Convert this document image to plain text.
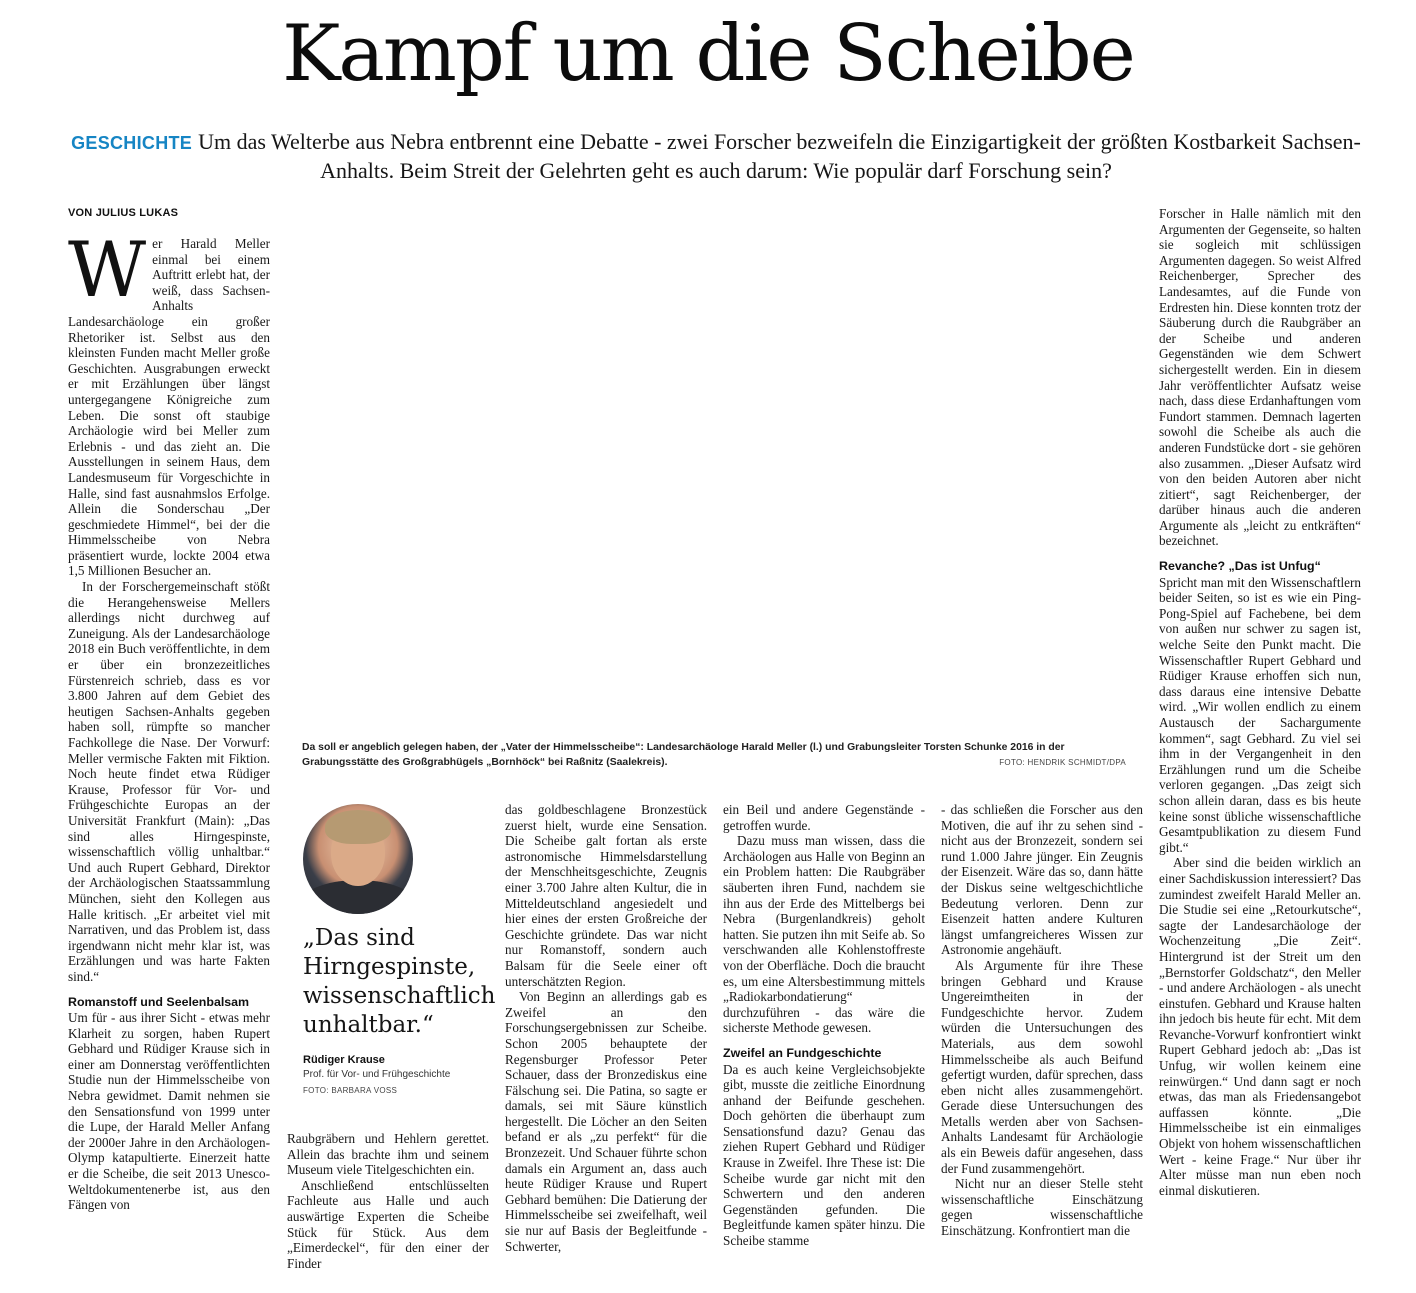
Kampf um die Scheibe
GESCHICHTE Um das Welterbe aus Nebra entbrennt eine Debatte - zwei Forscher bezweifeln die Einzigartigkeit der größten Kostbarkeit Sachsen-Anhalts. Beim Streit der Gelehrten geht es auch darum: Wie populär darf Forschung sein?
VON JULIUS LUKAS
W er Harald Meller einmal bei einem Auftritt erlebt hat, der weiß, dass Sachsen-Anhalts Landesarchäologe ein großer Rhetoriker ist. Selbst aus den kleinsten Funden macht Meller große Geschichten. Ausgrabungen erweckt er mit Erzählungen über längst untergegangene Königreiche zum Leben. Die sonst oft staubige Archäologie wird bei Meller zum Erlebnis - und das zieht an. Die Ausstellungen in seinem Haus, dem Landesmuseum für Vorgeschichte in Halle, sind fast ausnahmslos Erfolge. Allein die Sonderschau „Der geschmiedete Himmel“, bei der die Himmelsscheibe von Nebra präsentiert wurde, lockte 2004 etwa 1,5 Millionen Besucher an.

In der Forschergemeinschaft stößt die Herangehensweise Mellers allerdings nicht durchweg auf Zuneigung. Als der Landesarchäologe 2018 ein Buch veröffentlichte, in dem er über ein bronzezeitliches Fürstenreich schrieb, dass es vor 3.800 Jahren auf dem Gebiet des heutigen Sachsen-Anhalts gegeben haben soll, rümpfte so mancher Fachkollege die Nase. Der Vorwurf: Meller vermische Fakten mit Fiktion. Noch heute findet etwa Rüdiger Krause, Professor für Vor- und Frühgeschichte Europas an der Universität Frankfurt (Main): „Das sind alles Hirngespinste, wissenschaftlich völlig unhaltbar.“ Und auch Rupert Gebhard, Direktor der Archäologischen Staatssammlung München, sieht den Kollegen aus Halle kritisch. „Er arbeitet viel mit Narrativen, und das Problem ist, dass irgendwann nicht mehr klar ist, was Erzählungen und was harte Fakten sind.“

Romanstoff und Seelenbalsam

Um für - aus ihrer Sicht - etwas mehr Klarheit zu sorgen, haben Rupert Gebhard und Rüdiger Krause sich in einer am Donnerstag veröffentlichten Studie nun der Himmelsscheibe von Nebra gewidmet. Damit nehmen sie den Sensationsfund von 1999 unter die Lupe, der Harald Meller Anfang der 2000er Jahre in den Archäologen-Olymp katapultierte. Einerzeit hatte er die Scheibe, die seit 2013 Unesco-Weltdokumentenerbe ist, aus den Fängen von

Da soll er angeblich gelegen haben, der „Vater der Himmelsscheibe“: Landesarchäologe Harald Meller (l.) und Grabungsleiter Torsten Schunke 2016 in der Grabungsstätte des Großgrabhügels „Bornhöck“ bei Raßnitz (Saalekreis).	FOTO: HENDRIK SCHMIDT/DPA
„Das sind Hirngespinste, wissenschaftlich unhaltbar.“
Rüdiger Krause
Prof. für Vor- und Frühgeschichte
FOTO: BARBARA VOSS

Raubgräbern und Hehlern gerettet. Allein das brachte ihm und seinem Museum viele Titelgeschichten ein.

Anschließend entschlüsselten Fachleute aus Halle und auch auswärtige Experten die Scheibe Stück für Stück. Aus dem „Eimerdeckel“, für den einer der Finder

das goldbeschlagene Bronzestück zuerst hielt, wurde eine Sensation. Die Scheibe galt fortan als erste astronomische Himmelsdarstellung der Menschheitsgeschichte, Zeugnis einer 3.700 Jahre alten Kultur, die in Mitteldeutschland angesiedelt und hier eines der ersten Großreiche der Geschichte gründete. Das war nicht nur Romanstoff, sondern auch Balsam für die Seele einer oft unterschätzten Region.

Von Beginn an allerdings gab es Zweifel an den Forschungsergebnissen zur Scheibe. Schon 2005 behauptete der Regensburger Professor Peter Schauer, dass der Bronzediskus eine Fälschung sei. Die Patina, so sagte er damals, sei mit Säure künstlich hergestellt. Die Löcher an den Seiten befand er als „zu perfekt“ für die Bronzezeit. Und Schauer führte schon damals ein Argument an, dass auch heute Rüdiger Krause und Rupert Gebhard bemühen: Die Datierung der Himmelsscheibe sei zweifelhaft, weil sie nur auf Basis der Begleitfunde - Schwerter,

ein Beil und andere Gegenstände - getroffen wurde.

Dazu muss man wissen, dass die Archäologen aus Halle von Beginn an ein Problem hatten: Die Raubgräber säuberten ihren Fund, nachdem sie ihn aus der Erde des Mittelbergs bei Nebra (Burgenlandkreis) geholt hatten. Sie putzen ihn mit Seife ab. So verschwanden alle Kohlenstoffreste von der Oberfläche. Doch die braucht es, um eine Altersbestimmung mittels „Radiokarbondatierung“ durchzuführen - das wäre die sicherste Methode gewesen.

Zweifel an Fundgeschichte

Da es auch keine Vergleichsobjekte gibt, musste die zeitliche Einordnung anhand der Beifunde geschehen. Doch gehörten die überhaupt zum Sensationsfund dazu? Genau das ziehen Rupert Gebhard und Rüdiger Krause in Zweifel. Ihre These ist: Die Scheibe wurde gar nicht mit den Schwertern und den anderen Gegenständen gefunden. Die Begleitfunde kamen später hinzu. Die Scheibe stamme

- das schließen die Forscher aus den Motiven, die auf ihr zu sehen sind - nicht aus der Bronzezeit, sondern sei rund 1.000 Jahre jünger. Ein Zeugnis der Eisenzeit. Wäre das so, dann hätte der Diskus seine weltgeschichtliche Bedeutung verloren. Denn zur Eisenzeit hatten andere Kulturen längst umfangreicheres Wissen zur Astronomie angehäuft.

Als Argumente für ihre These bringen Gebhard und Krause Ungereimtheiten in der Fundgeschichte hervor. Zudem würden die Untersuchungen des Materials, aus dem sowohl Himmelsscheibe als auch Beifund gefertigt wurden, dafür sprechen, dass eben nicht alles zusammengehört. Gerade diese Untersuchungen des Metalls werden aber von Sachsen-Anhalts Landesamt für Archäologie als ein Beweis dafür angesehen, dass der Fund zusammengehört.

Nicht nur an dieser Stelle steht wissenschaftliche Einschätzung gegen wissenschaftliche Einschätzung. Konfrontiert man die

Forscher in Halle nämlich mit den Argumenten der Gegenseite, so halten sie sogleich mit schlüssigen Argumenten dagegen. So weist Alfred Reichenberger, Sprecher des Landesamtes, auf die Funde von Erdresten hin. Diese konnten trotz der Säuberung durch die Raubgräber an der Scheibe und anderen Gegenständen wie dem Schwert sichergestellt werden. Ein in diesem Jahr veröffentlichter Aufsatz weise nach, dass diese Erdanhaftungen vom Fundort stammen. Demnach lagerten sowohl die Scheibe als auch die anderen Fundstücke dort - sie gehören also zusammen. „Dieser Aufsatz wird von den beiden Autoren aber nicht zitiert“, sagt Reichenberger, der darüber hinaus auch die anderen Argumente als „leicht zu entkräften“ bezeichnet.

Revanche? „Das ist Unfug“

Spricht man mit den Wissenschaftlern beider Seiten, so ist es wie ein Ping-Pong-Spiel auf Fachebene, bei dem von außen nur schwer zu sagen ist, welche Seite den Punkt macht. Die Wissenschaftler Rupert Gebhard und Rüdiger Krause erhoffen sich nun, dass daraus eine intensive Debatte wird. „Wir wollen endlich zu einem Austausch der Sachargumente kommen“, sagt Gebhard. Zu viel sei ihm in der Vergangenheit in den Erzählungen rund um die Scheibe verloren gegangen. „Das zeigt sich schon allein daran, dass es bis heute keine sonst übliche wissenschaftliche Gesamtpublikation zu diesem Fund gibt.“

Aber sind die beiden wirklich an einer Sachdiskussion interessiert? Das zumindest zweifelt Harald Meller an. Die Studie sei eine „Retourkutsche“, sagte der Landesarchäologe der Wochenzeitung „Die Zeit“. Hintergrund ist der Streit um den „Bernstorfer Goldschatz“, den Meller - und andere Archäologen - als unecht einstufen. Gebhard und Krause halten ihn jedoch bis heute für echt. Mit dem Revanche-Vorwurf konfrontiert winkt Rupert Gebhard jedoch ab: „Das ist Unfug, wir wollen keinem eine reinwürgen.“ Und dann sagt er noch etwas, das man als Friedensangebot auffassen könnte. „Die Himmelsscheibe ist ein einmaliges Objekt von hohem wissenschaftlichen Wert - keine Frage.“ Nur über ihr Alter müsse man nun eben noch einmal diskutieren.
